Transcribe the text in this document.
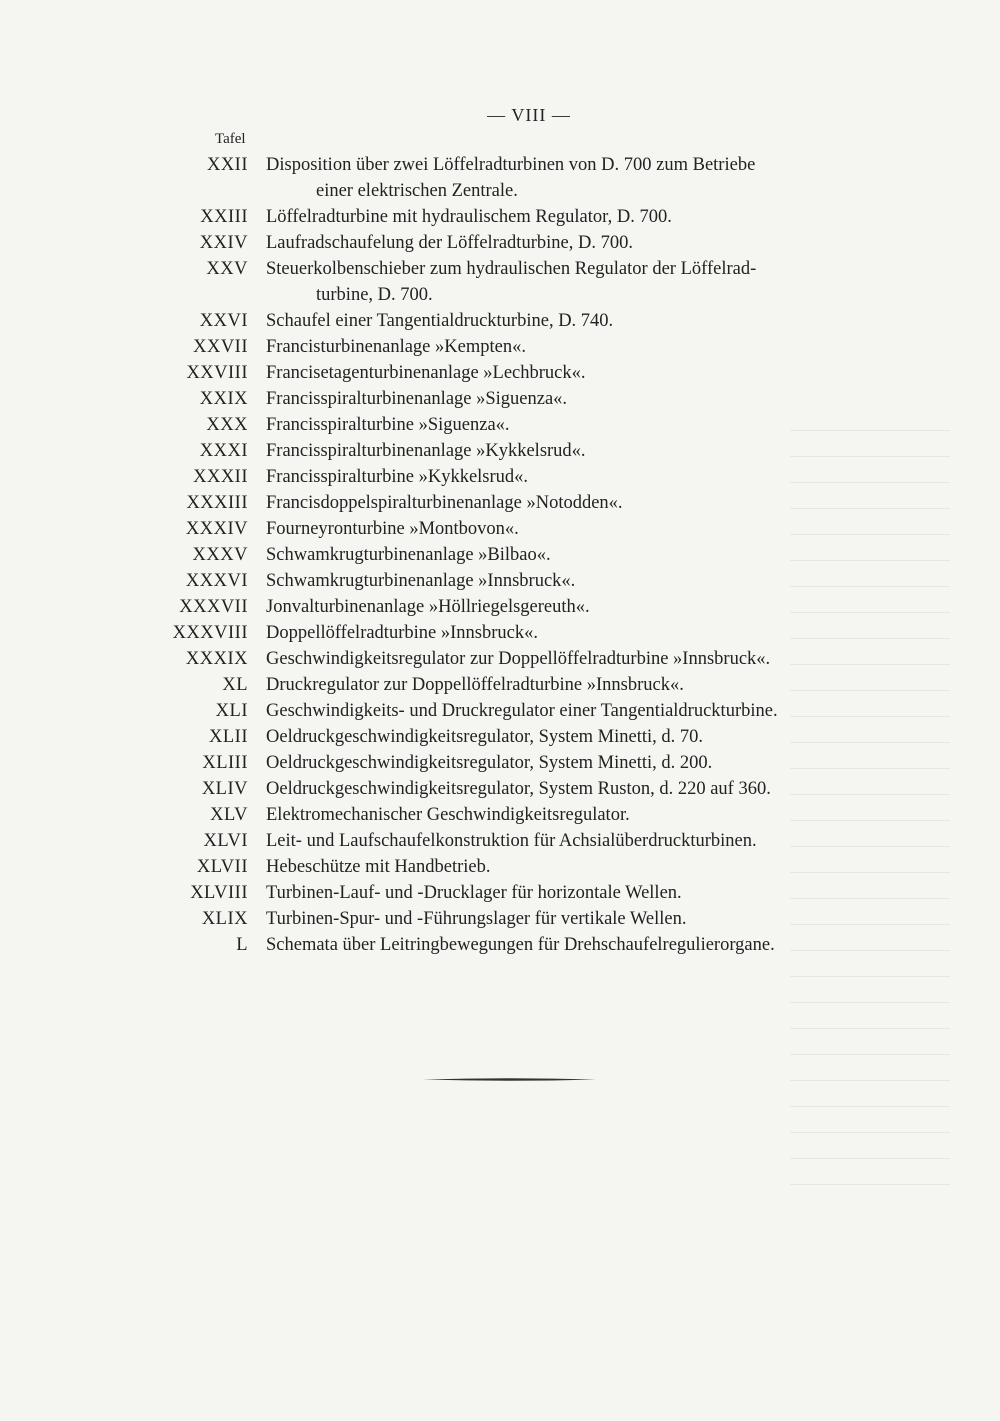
— VIII —
Tafel
XXII Disposition über zwei Löffelradturbinen von D. 700 zum Betriebe
einer elektrischen Zentrale.
XXIII Löffelradturbine mit hydraulischem Regulator, D. 700.
XXIV Laufradschaufelung der Löffelradturbine, D. 700.
XXV Steuerkolbenschieber zum hydraulischen Regulator der Löffelrad-
turbine, D. 700.
XXVI Schaufel einer Tangentialdruckturbine, D. 740.
XXVII Francisturbinenanlage »Kempten«.
XXVIII Francisetagenturbinenanlage »Lechbruck«.
XXIX Francisspiralturbinenanlage »Siguenza«.
XXX Francisspiralturbine »Siguenza«.
XXXI Francisspiralturbinenanlage »Kykkelsrud«.
XXXII Francisspiralturbine »Kykkelsrud«.
XXXIII Francisdoppelspiralturbinenanlage »Notodden«.
XXXIV Fourneyronturbine »Montbovon«.
XXXV Schwamkrugturbinenanlage »Bilbao«.
XXXVI Schwamkrugturbinenanlage »Innsbruck«.
XXXVII Jonvalturbinenanlage »Höllriegelsgereuth«.
XXXVIII Doppellöffelradturbine »Innsbruck«.
XXXIX Geschwindigkeitsregulator zur Doppellöffelradturbine »Innsbruck«.
XL Druckregulator zur Doppellöffelradturbine »Innsbruck«.
XLI Geschwindigkeits- und Druckregulator einer Tangentialdruckturbine.
XLII Oeldruckgeschwindigkeitsregulator, System Minetti, d. 70.
XLIII Oeldruckgeschwindigkeitsregulator, System Minetti, d. 200.
XLIV Oeldruckgeschwindigkeitsregulator, System Ruston, d. 220 auf 360.
XLV Elektromechanischer Geschwindigkeitsregulator.
XLVI Leit- und Laufschaufelkonstruktion für Achsialüberdruckturbinen.
XLVII Hebeschütze mit Handbetrieb.
XLVIII Turbinen-Lauf- und -Drucklager für horizontale Wellen.
XLIX Turbinen-Spur- und -Führungslager für vertikale Wellen.
L Schemata über Leitringbewegungen für Drehschaufelregulierorgane.
